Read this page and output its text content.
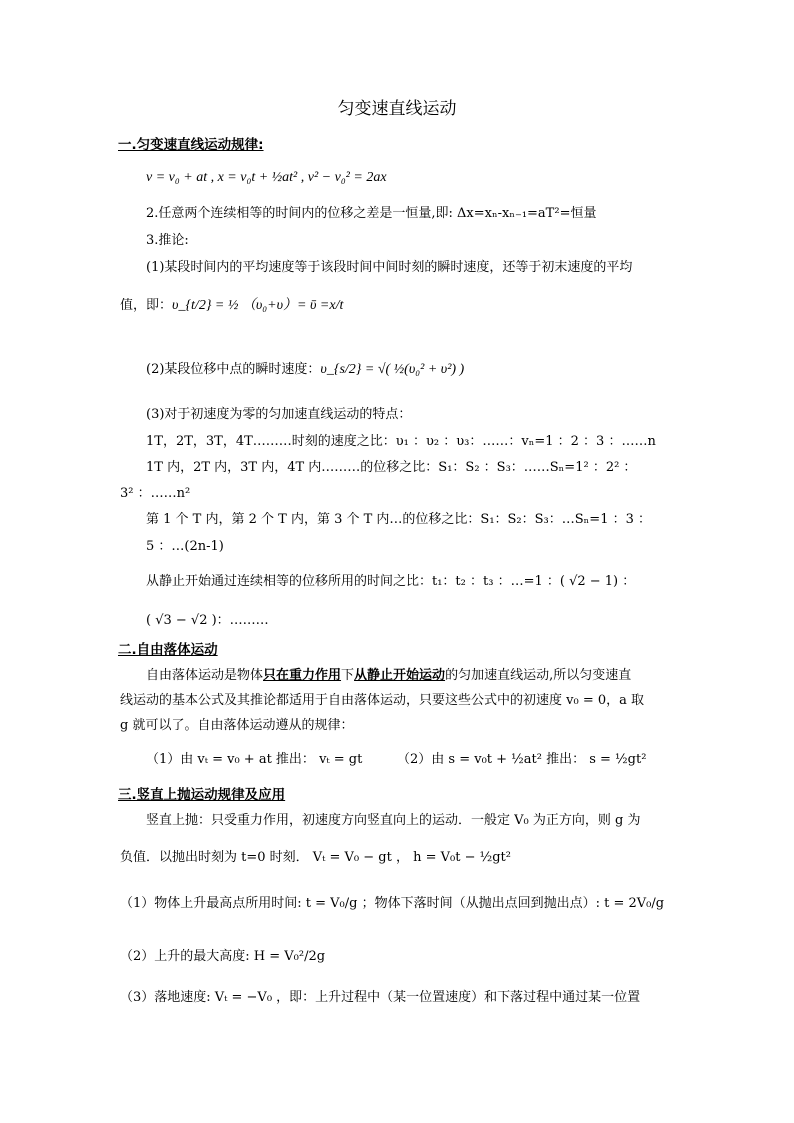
匀变速直线运动
一.匀变速直线运动规律:
v = v₀ + at , x = v₀t + ½at² , v² − v₀² = 2ax
2.任意两个连续相等的时间内的位移之差是一恒量,即: Δx=xₙ-xₙ₋₁=aT²=恒量
3.推论:
(1)某段时间内的平均速度等于该段时间中间时刻的瞬时速度，还等于初末速度的平均
值，即：υ_{t/2} = ½ （υ₀+υ）= ῡ =x/t
(2)某段位移中点的瞬时速度：υ_{s/2} = √( ½(υ₀² + υ²) )
(3)对于初速度为零的匀加速直线运动的特点：
1T，2T，3T，4T………时刻的速度之比：υ₁ ：υ₂ ：υ₃：……：vₙ=1 ：2 ：3 ：……n
1T 内，2T 内，3T 内，4T 内………的位移之比：S₁：S₂ ：S₃：……Sₙ=1² ：2² ：
3² ：……n²
第 1 个 T 内，第 2 个 T 内，第 3 个 T 内…的位移之比：S₁：S₂：S₃：…Sₙ=1 ：3 ：
5 ：…(2n-1)
从静止开始通过连续相等的位移所用的时间之比：t₁：t₂ ：t₃ ：…=1 ：( √2 − 1) ：
( √3 − √2 )：………
二.自由落体运动
自由落体运动是物体只在重力作用下从静止开始运动的匀加速直线运动,所以匀变速直
线运动的基本公式及其推论都适用于自由落体运动，只要这些公式中的初速度 v₀ = 0，a 取
g 就可以了。自由落体运动遵从的规律：
（1）由 vₜ = v₀ + at 推出： vₜ = gt	（2）由 s = v₀t + ½at² 推出： s = ½gt²
三.竖直上抛运动规律及应用
竖直上抛：只受重力作用，初速度方向竖直向上的运动．一般定 V₀ 为正方向，则 g 为
负值．以抛出时刻为 t=0 时刻． Vₜ = V₀ − gt ， h = V₀t − ½gt²
（1）物体上升最高点所用时间: t = V₀/g ；物体下落时间（从抛出点回到抛出点）: t = 2V₀/g
（2）上升的最大高度: H = V₀²/2g
（3）落地速度: Vₜ = −V₀ ，即：上升过程中（某一位置速度）和下落过程中通过某一位置
